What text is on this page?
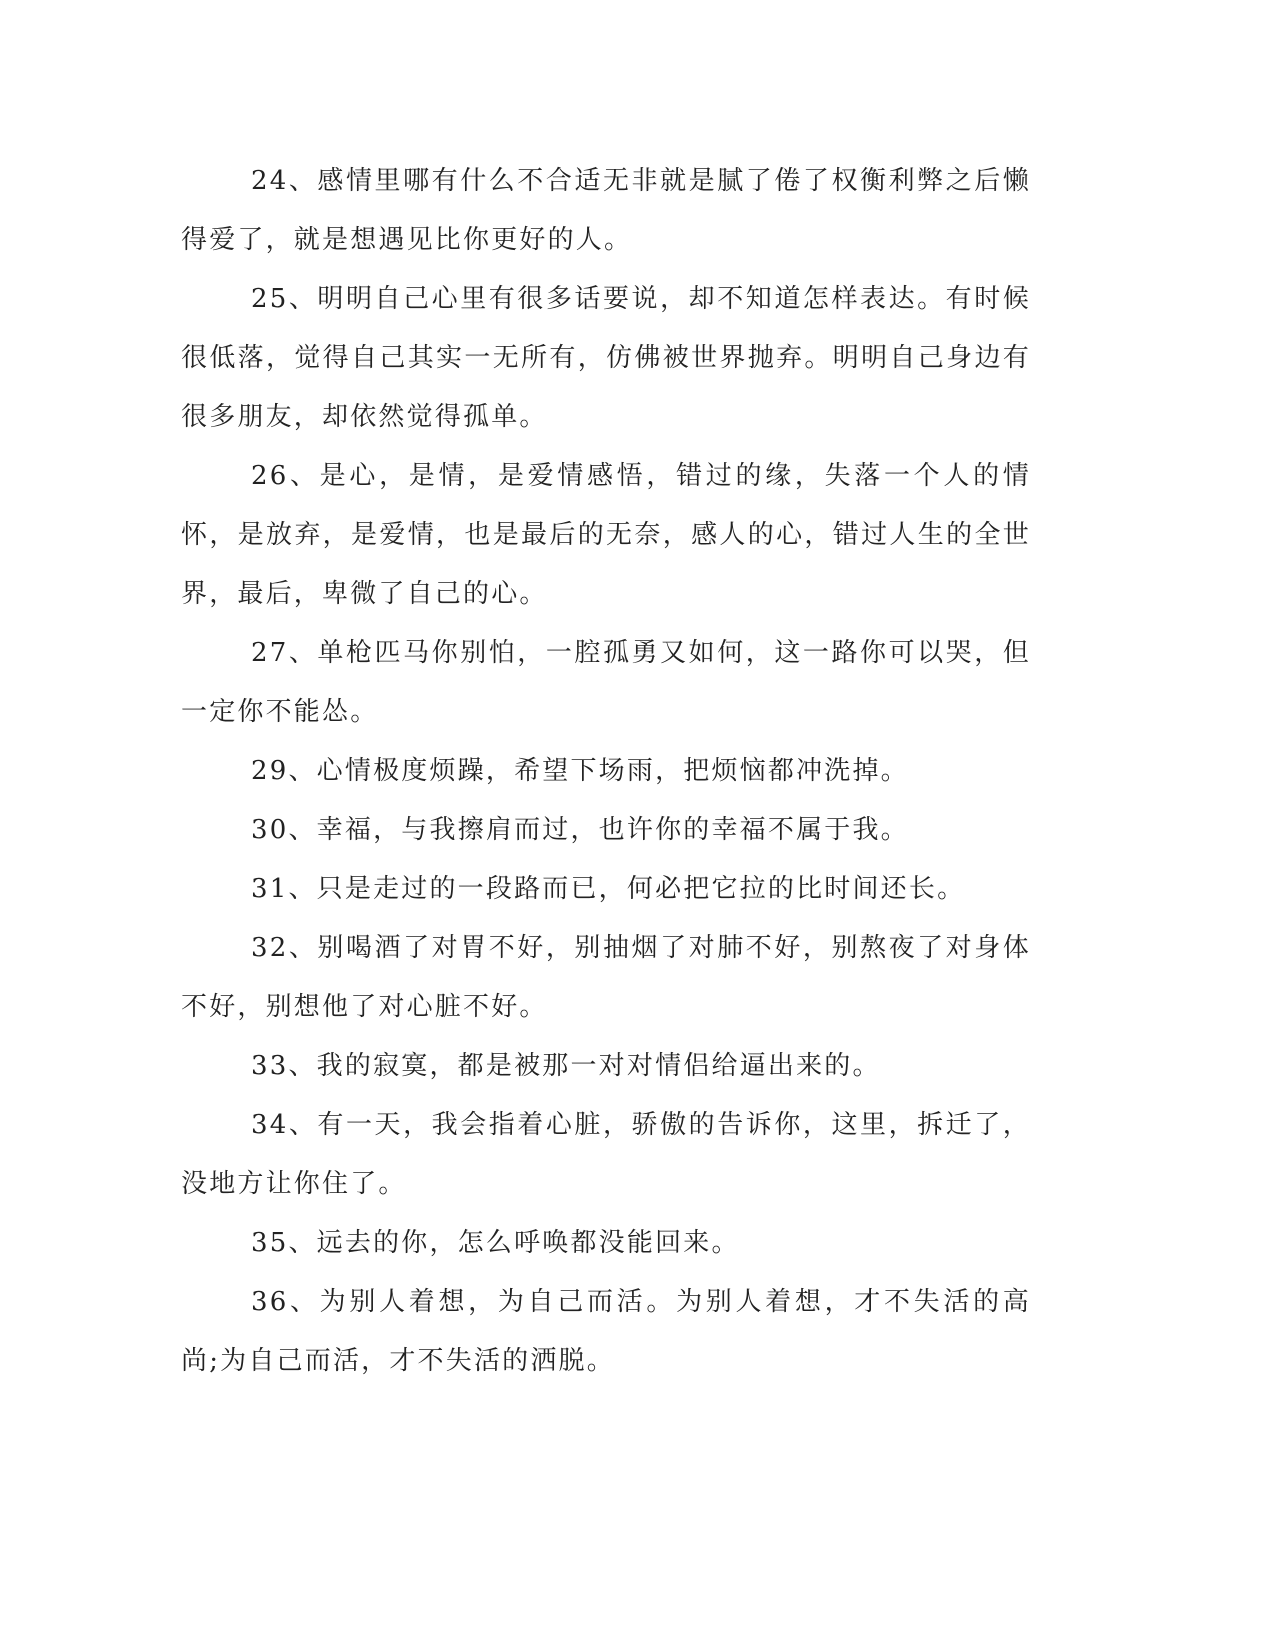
24、感情里哪有什么不合适无非就是腻了倦了权衡利弊之后懒得爱了，就是想遇见比你更好的人。

25、明明自己心里有很多话要说，却不知道怎样表达。有时候很低落，觉得自己其实一无所有，仿佛被世界抛弃。明明自己身边有很多朋友，却依然觉得孤单。

26、是心，是情，是爱情感悟，错过的缘，失落一个人的情怀，是放弃，是爱情，也是最后的无奈，感人的心，错过人生的全世界，最后，卑微了自己的心。

27、单枪匹马你别怕，一腔孤勇又如何，这一路你可以哭，但一定你不能怂。

29、心情极度烦躁，希望下场雨，把烦恼都冲洗掉。

30、幸福，与我擦肩而过，也许你的幸福不属于我。

31、只是走过的一段路而已，何必把它拉的比时间还长。

32、别喝酒了对胃不好，别抽烟了对肺不好，别熬夜了对身体不好，别想他了对心脏不好。

33、我的寂寞，都是被那一对对情侣给逼出来的。

34、有一天，我会指着心脏，骄傲的告诉你，这里，拆迁了，没地方让你住了。

35、远去的你，怎么呼唤都没能回来。

36、为别人着想，为自己而活。为别人着想，才不失活的高尚;为自己而活，才不失活的洒脱。
